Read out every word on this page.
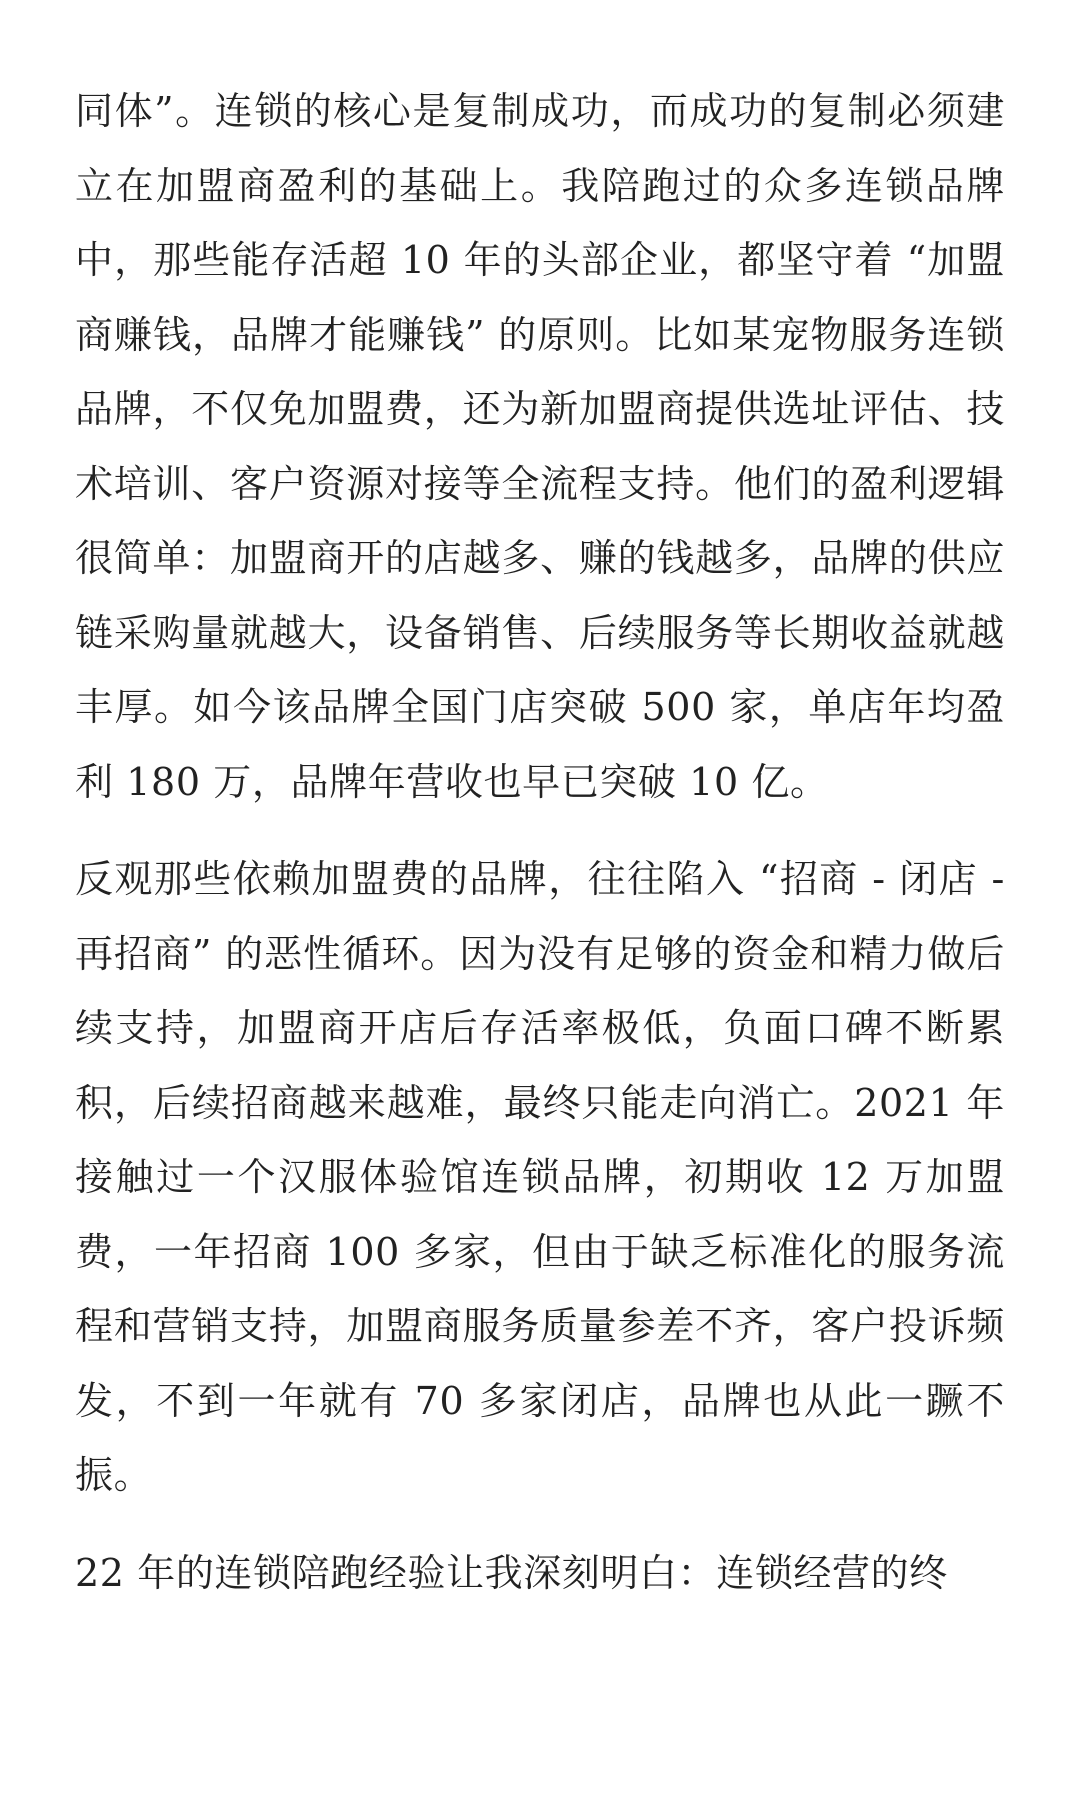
同体”。连锁的核心是复制成功，而成功的复制必须建立在加盟商盈利的基础上。我陪跑过的众多连锁品牌中，那些能存活超 10 年的头部企业，都坚守着 “加盟商赚钱，品牌才能赚钱” 的原则。比如某宠物服务连锁品牌，不仅免加盟费，还为新加盟商提供选址评估、技术培训、客户资源对接等全流程支持。他们的盈利逻辑很简单：加盟商开的店越多、赚的钱越多，品牌的供应链采购量就越大，设备销售、后续服务等长期收益就越丰厚。如今该品牌全国门店突破 500 家，单店年均盈利 180 万，品牌年营收也早已突破 10 亿。

反观那些依赖加盟费的品牌，往往陷入 “招商 - 闭店 - 再招商” 的恶性循环。因为没有足够的资金和精力做后续支持，加盟商开店后存活率极低，负面口碑不断累积，后续招商越来越难，最终只能走向消亡。2021 年接触过一个汉服体验馆连锁品牌，初期收 12 万加盟费，一年招商 100 多家，但由于缺乏标准化的服务流程和营销支持，加盟商服务质量参差不齐，客户投诉频发，不到一年就有 70 多家闭店，品牌也从此一蹶不振。

22 年的连锁陪跑经验让我深刻明白：连锁经营的终
